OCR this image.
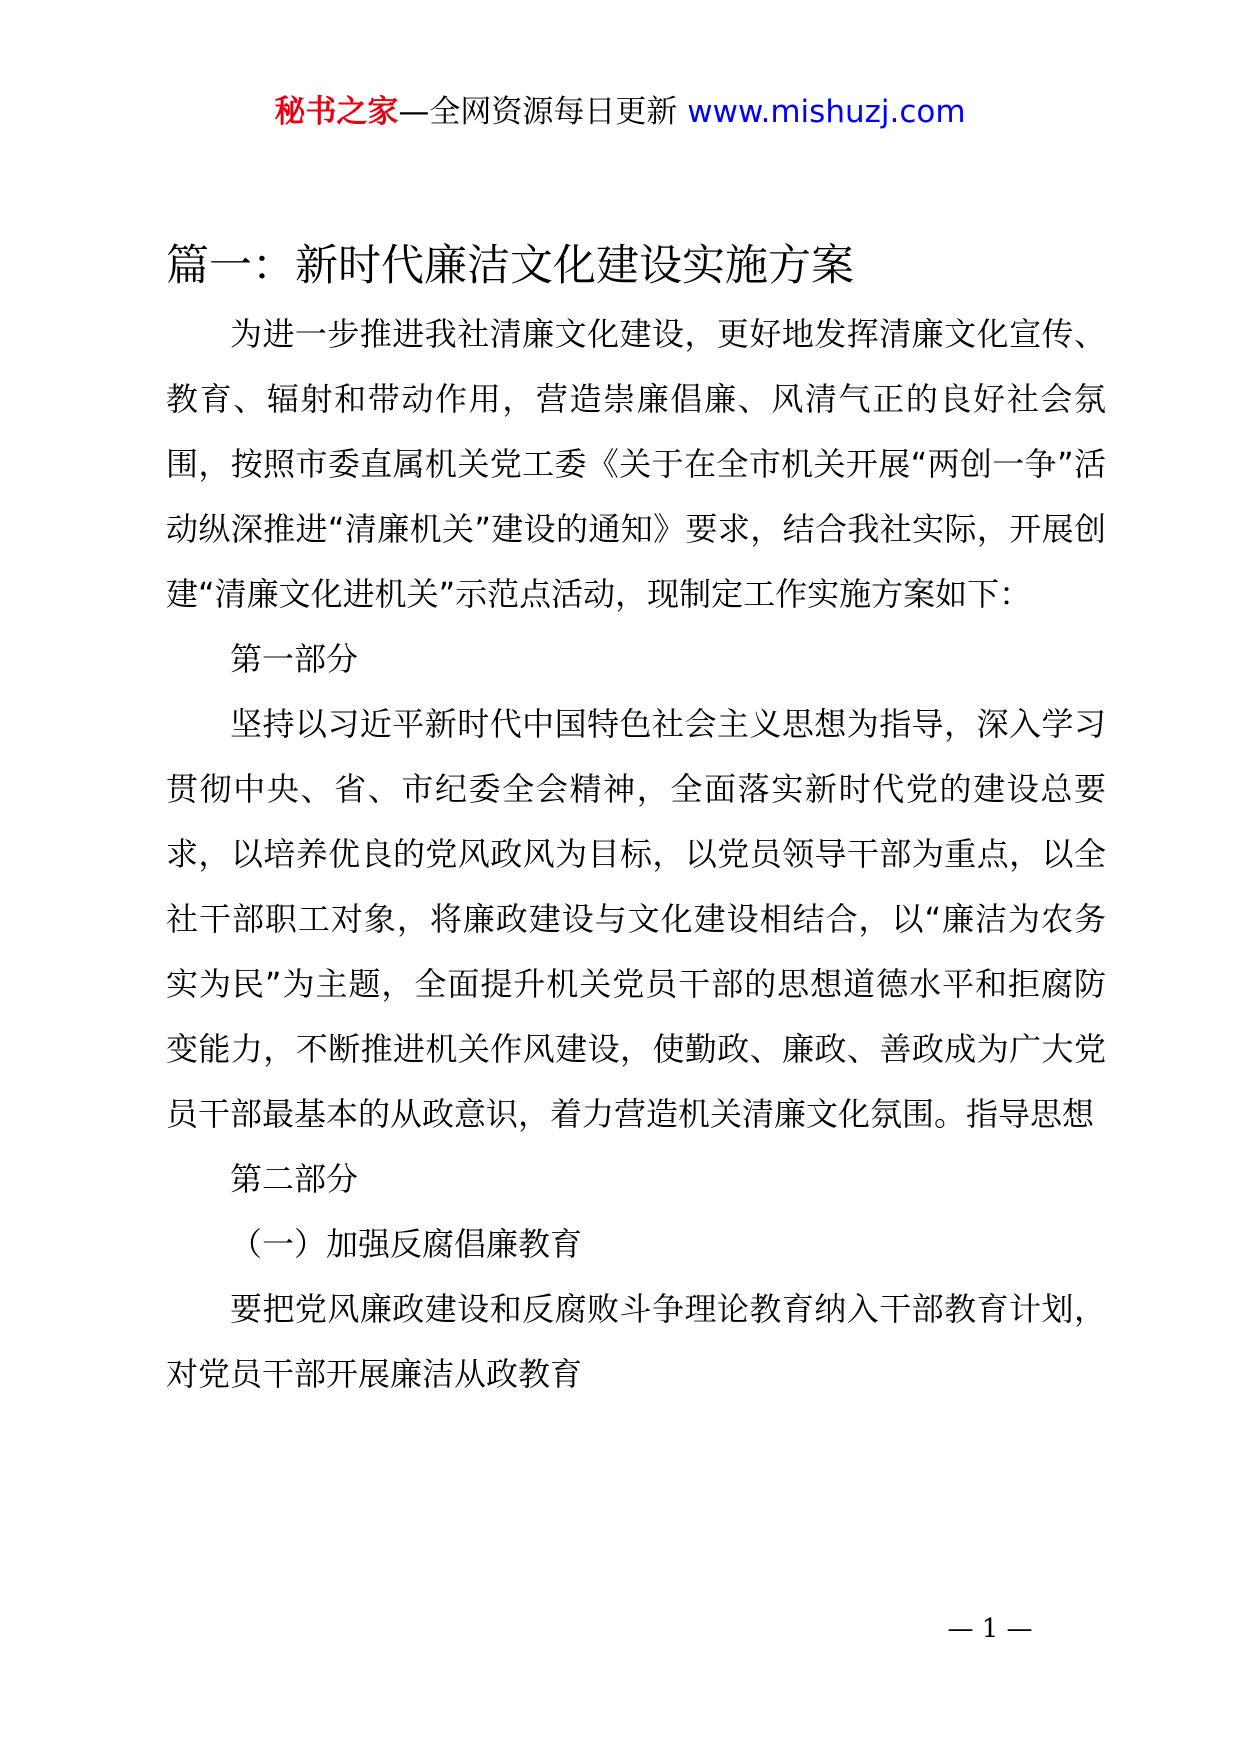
秘书之家—全网资源每日更新 www.mishuzj.com
篇一：新时代廉洁文化建设实施方案

为进一步推进我社清廉文化建设，更好地发挥清廉文化宣传、教育、辐射和带动作用，营造崇廉倡廉、风清气正的良好社会氛围，按照市委直属机关党工委《关于在全市机关开展“两创一争”活动纵深推进“清廉机关”建设的通知》要求，结合我社实际，开展创建“清廉文化进机关”示范点活动，现制定工作实施方案如下：

第一部分

坚持以习近平新时代中国特色社会主义思想为指导，深入学习贯彻中央、省、市纪委全会精神，全面落实新时代党的建设总要求，以培养优良的党风政风为目标，以党员领导干部为重点，以全社干部职工对象，将廉政建设与文化建设相结合，以“廉洁为农务实为民”为主题，全面提升机关党员干部的思想道德水平和拒腐防变能力，不断推进机关作风建设，使勤政、廉政、善政成为广大党员干部最基本的从政意识，着力营造机关清廉文化氛围。指导思想

第二部分

（一）加强反腐倡廉教育

要把党风廉政建设和反腐败斗争理论教育纳入干部教育计划，对党员干部开展廉洁从政教育

— 1 —
